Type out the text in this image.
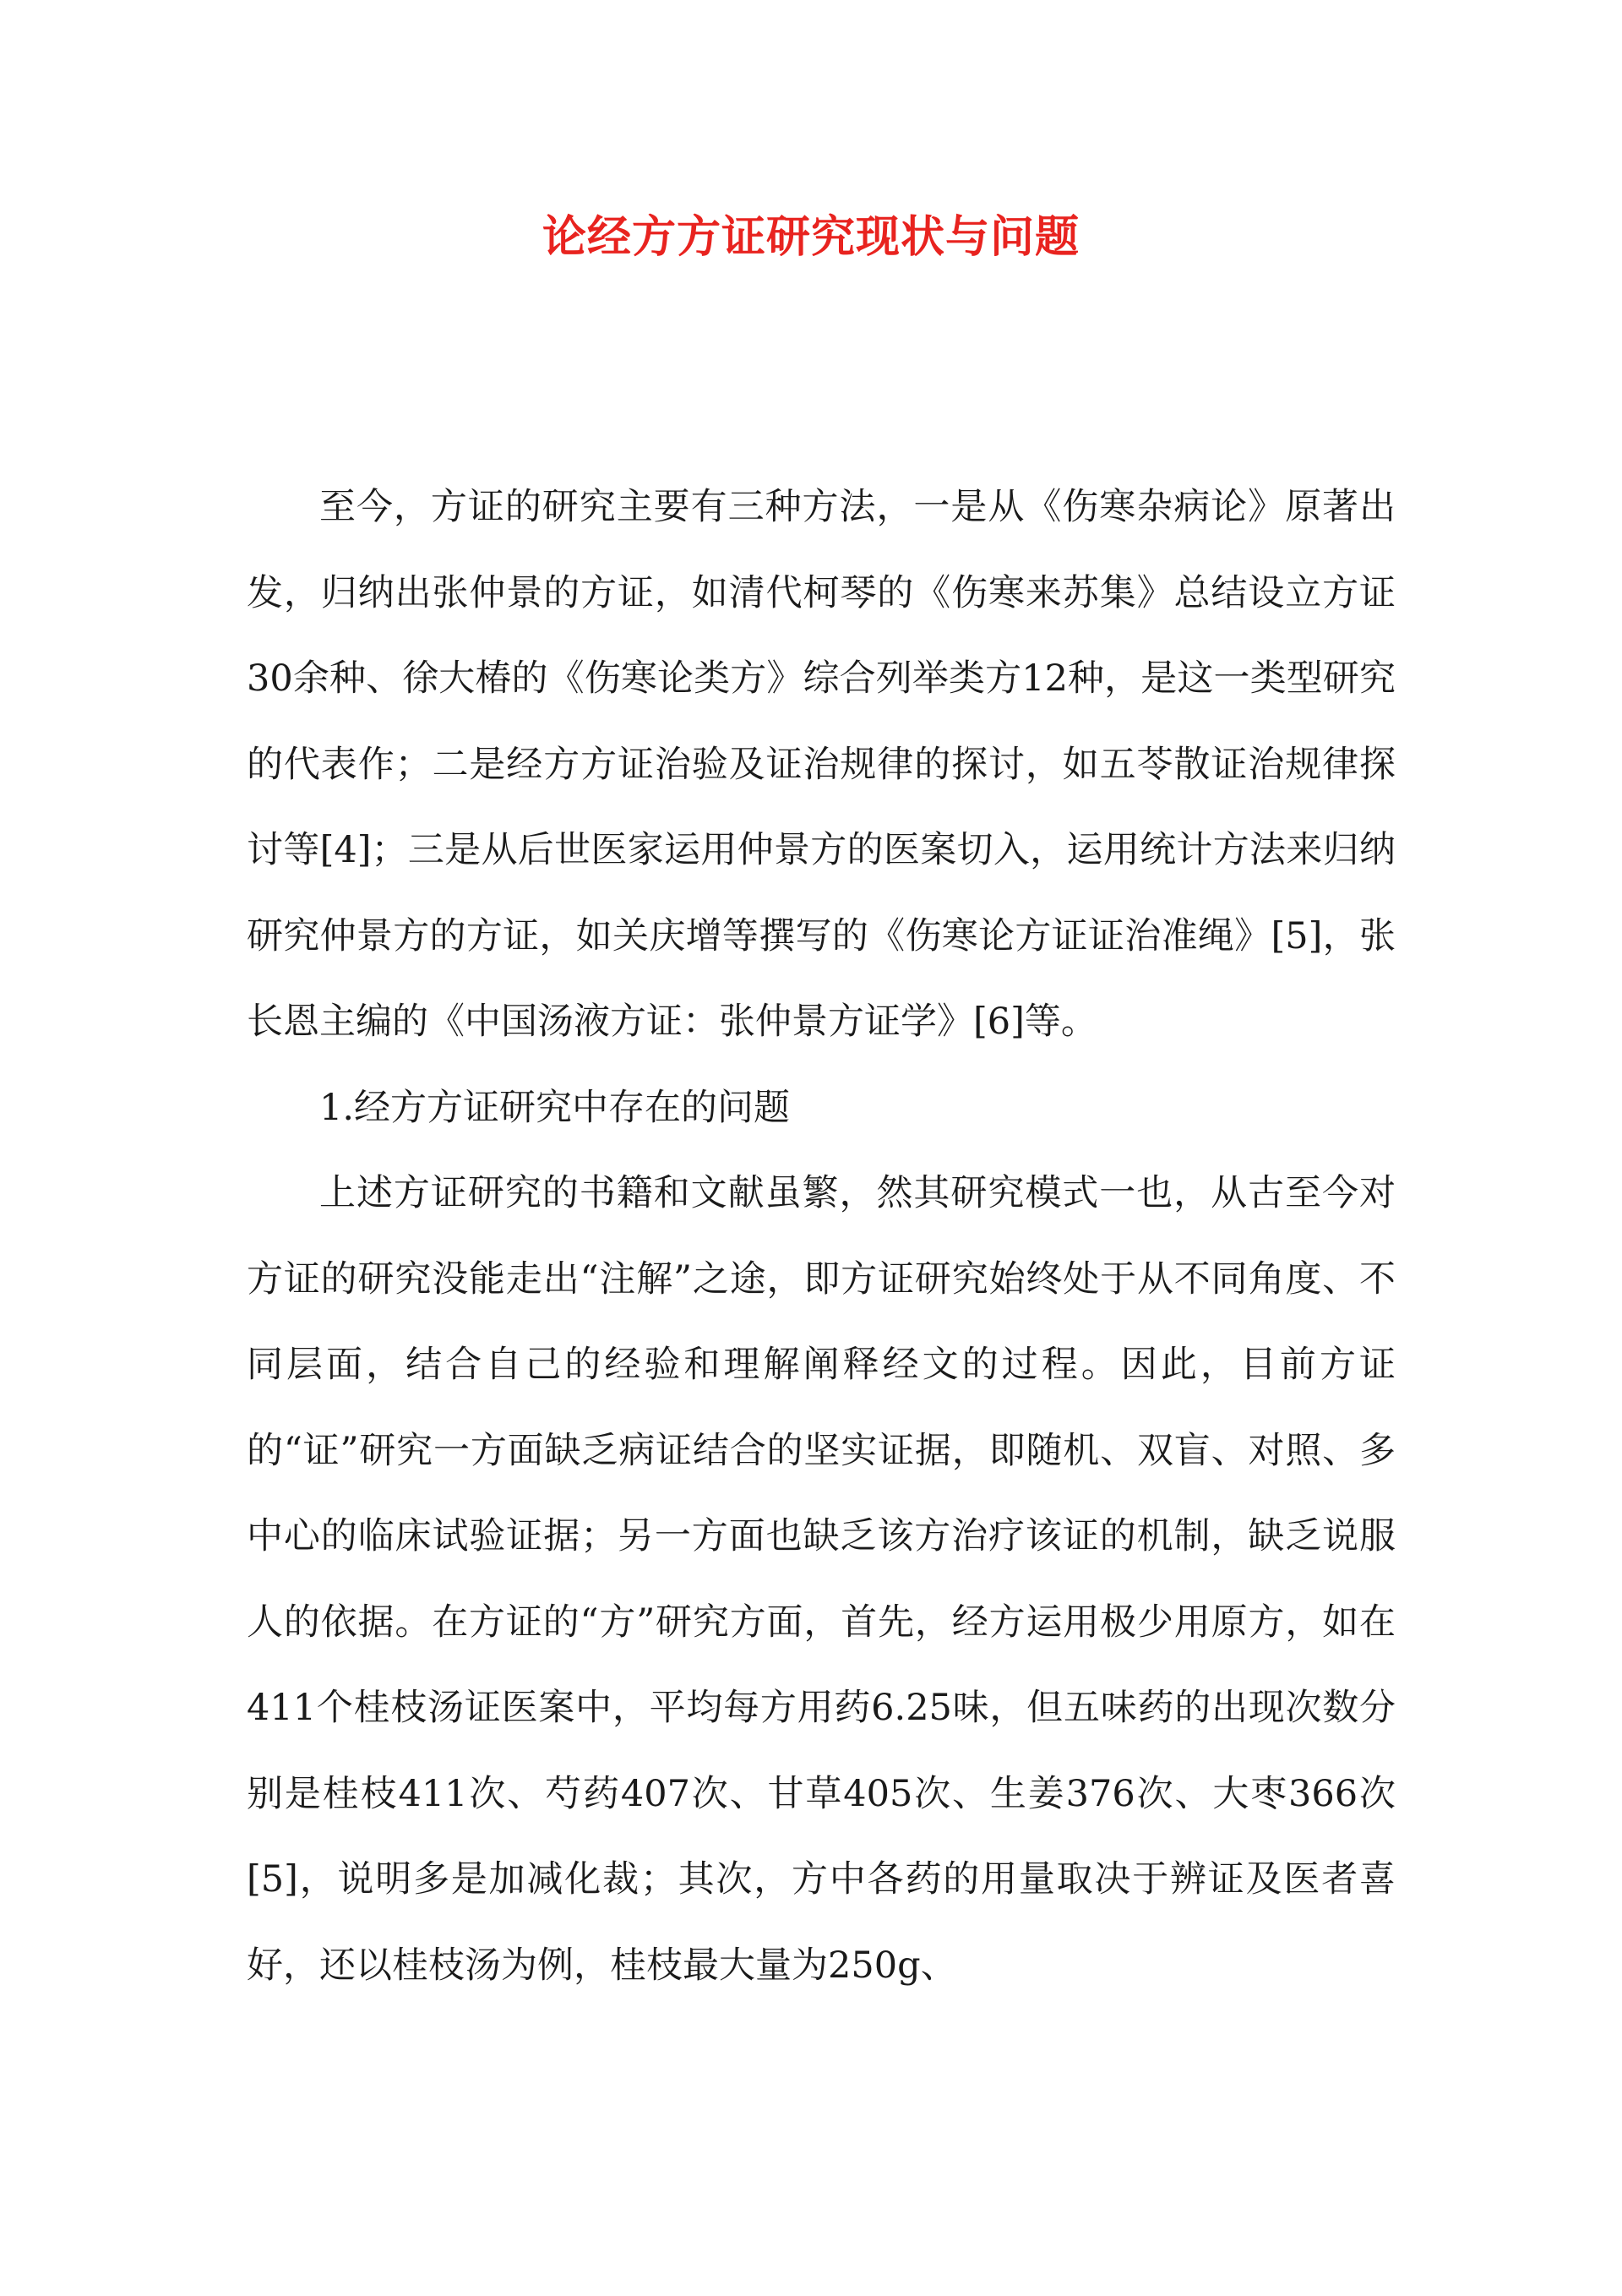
论经方方证研究现状与问题

至今，方证的研究主要有三种方法，一是从《伤寒杂病论》原著出发，归纳出张仲景的方证，如清代柯琴的《伤寒来苏集》总结设立方证30余种、徐大椿的《伤寒论类方》综合列举类方12种，是这一类型研究的代表作；二是经方方证治验及证治规律的探讨，如五苓散证治规律探讨等[4]；三是从后世医家运用仲景方的医案切入，运用统计方法来归纳研究仲景方的方证，如关庆增等撰写的《伤寒论方证证治准绳》[5]，张长恩主编的《中国汤液方证：张仲景方证学》[6]等。

1.经方方证研究中存在的问题

上述方证研究的书籍和文献虽繁，然其研究模式一也，从古至今对方证的研究没能走出“注解”之途，即方证研究始终处于从不同角度、不同层面，结合自己的经验和理解阐释经文的过程。因此，目前方证的“证”研究一方面缺乏病证结合的坚实证据，即随机、双盲、对照、多中心的临床试验证据；另一方面也缺乏该方治疗该证的机制，缺乏说服人的依据。在方证的“方”研究方面，首先，经方运用极少用原方，如在411个桂枝汤证医案中，平均每方用药6.25味，但五味药的出现次数分别是桂枝411次、芍药407次、甘草405次、生姜376次、大枣366次[5]，说明多是加减化裁；其次，方中各药的用量取决于辨证及医者喜好，还以桂枝汤为例，桂枝最大量为250g、
